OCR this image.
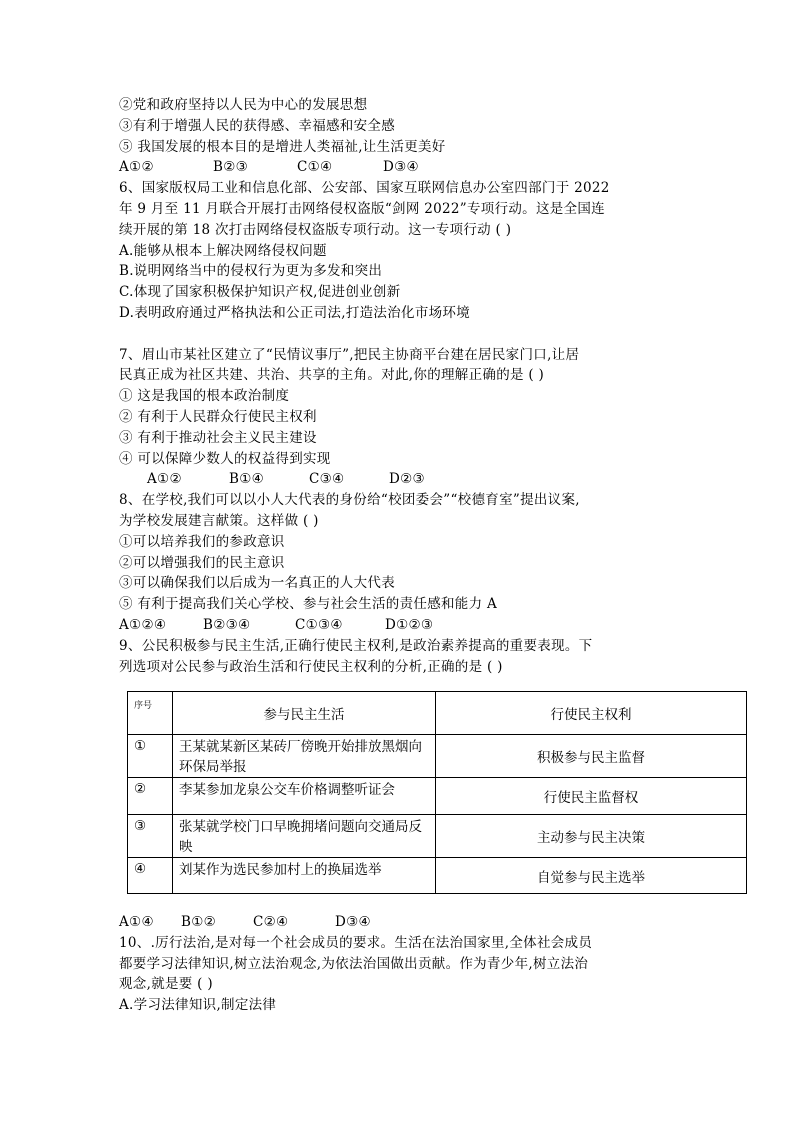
②党和政府坚持以人民为中心的发展思想
③有利于增强人民的获得感、幸福感和安全感
⑤ 我国发展的根本目的是增进人类福祉,让生活更美好
A①②	B②③	C①④	D③④
6、国家版权局工业和信息化部、公安部、国家互联网信息办公室四部门于 2022
年 9 月至 11 月联合开展打击网络侵权盗版“剑网 2022”专项行动。这是全国连
续开展的第 18 次打击网络侵权盗版专项行动。这一专项行动 ( )
A.能够从根本上解决网络侵权问题
B.说明网络当中的侵权行为更为多发和突出
C.体现了国家积极保护知识产权,促进创业创新
D.表明政府通过严格执法和公正司法,打造法治化市场环境
7、眉山市某社区建立了“民情议事厅”,把民主协商平台建在居民家门口,让居
民真正成为社区共建、共治、共享的主角。对此,你的理解正确的是 ( )
① 这是我国的根本政治制度
② 有利于人民群众行使民主权利
③ 有利于推动社会主义民主建设
④ 可以保障少数人的权益得到实现
A①②	B①④	C③④	D②③
8、在学校,我们可以以小人大代表的身份给“校团委会”“校德育室”提出议案,
为学校发展建言献策。这样做 ( )
①可以培养我们的参政意识
②可以增强我们的民主意识
③可以确保我们以后成为一名真正的人大代表
⑤ 有利于提高我们关心学校、参与社会生活的责任感和能力 A
A①②④	B②③④	C①③④	D①②③
9、公民积极参与民主生活,正确行使民主权利,是政治素养提高的重要表现。下
列选项对公民参与政治生活和行使民主权利的分析,正确的是 ( )
序号	参与民主生活	行使民主权利
①	王某就某新区某砖厂傍晚开始排放黑烟向环保局举报	积极参与民主监督
②	李某参加龙泉公交车价格调整听证会	行使民主监督权
③	张某就学校门口早晚拥堵问题向交通局反映	主动参与民主决策
④	刘某作为选民参加村上的换届选举	自觉参与民主选举
A①④ B①②	C②④	D③④
10、.厉行法治,是对每一个社会成员的要求。生活在法治国家里,全体社会成员
都要学习法律知识,树立法治观念,为依法治国做出贡献。作为青少年,树立法治
观念,就是要 ( )
A.学习法律知识,制定法律
